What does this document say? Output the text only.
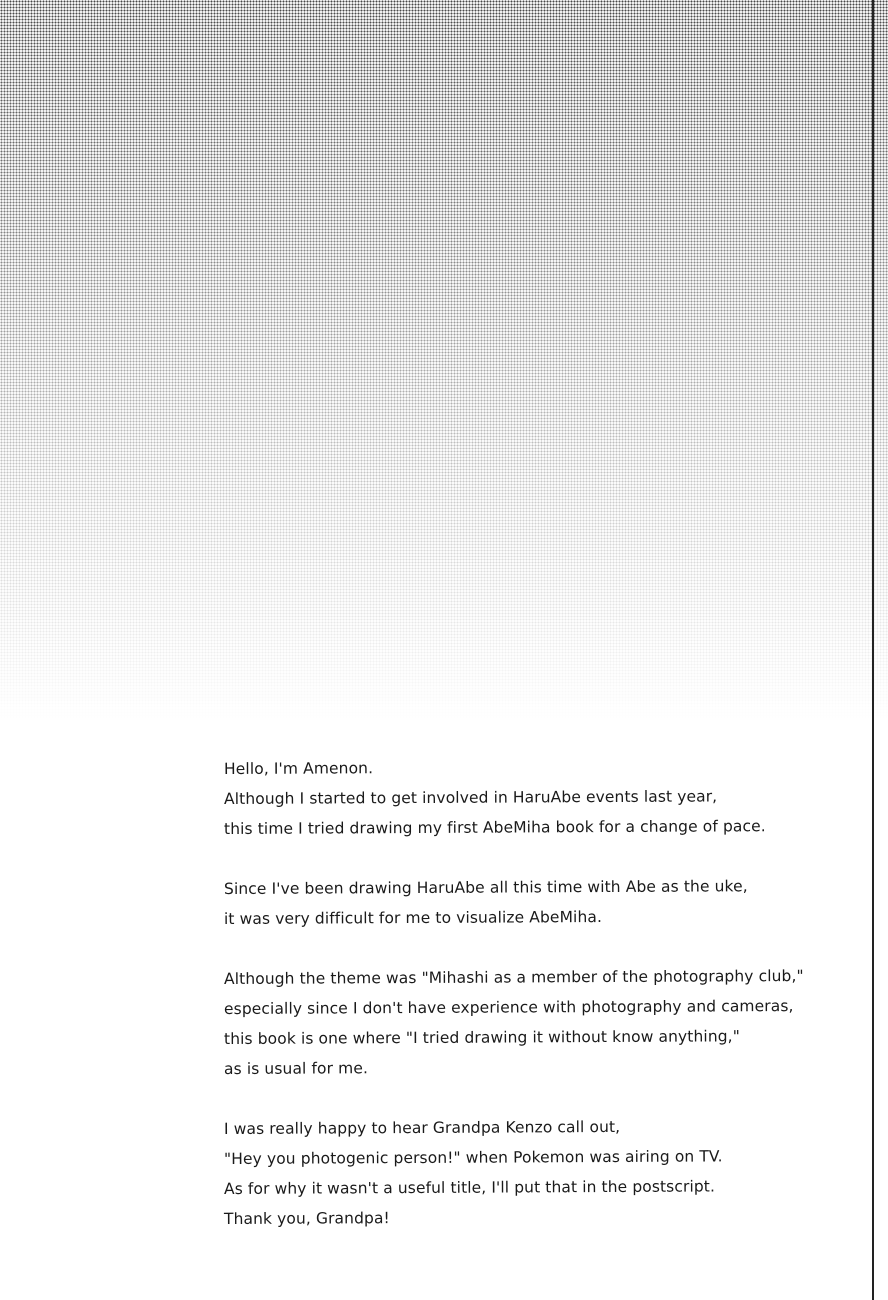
Hello, I'm Amenon.
Although I started to get involved in HaruAbe events last year,
this time I tried drawing my first AbeMiha book for a change of pace.
Since I've been drawing HaruAbe all this time with Abe as the uke,
it was very difficult for me to visualize AbeMiha.
Although the theme was "Mihashi as a member of the photography club,"
especially since I don't have experience with photography and cameras,
this book is one where "I tried drawing it without know anything,"
as is usual for me.
I was really happy to hear Grandpa Kenzo call out,
"Hey you photogenic person!" when Pokemon was airing on TV.
As for why it wasn't a useful title, I'll put that in the postscript.
Thank you, Grandpa!
